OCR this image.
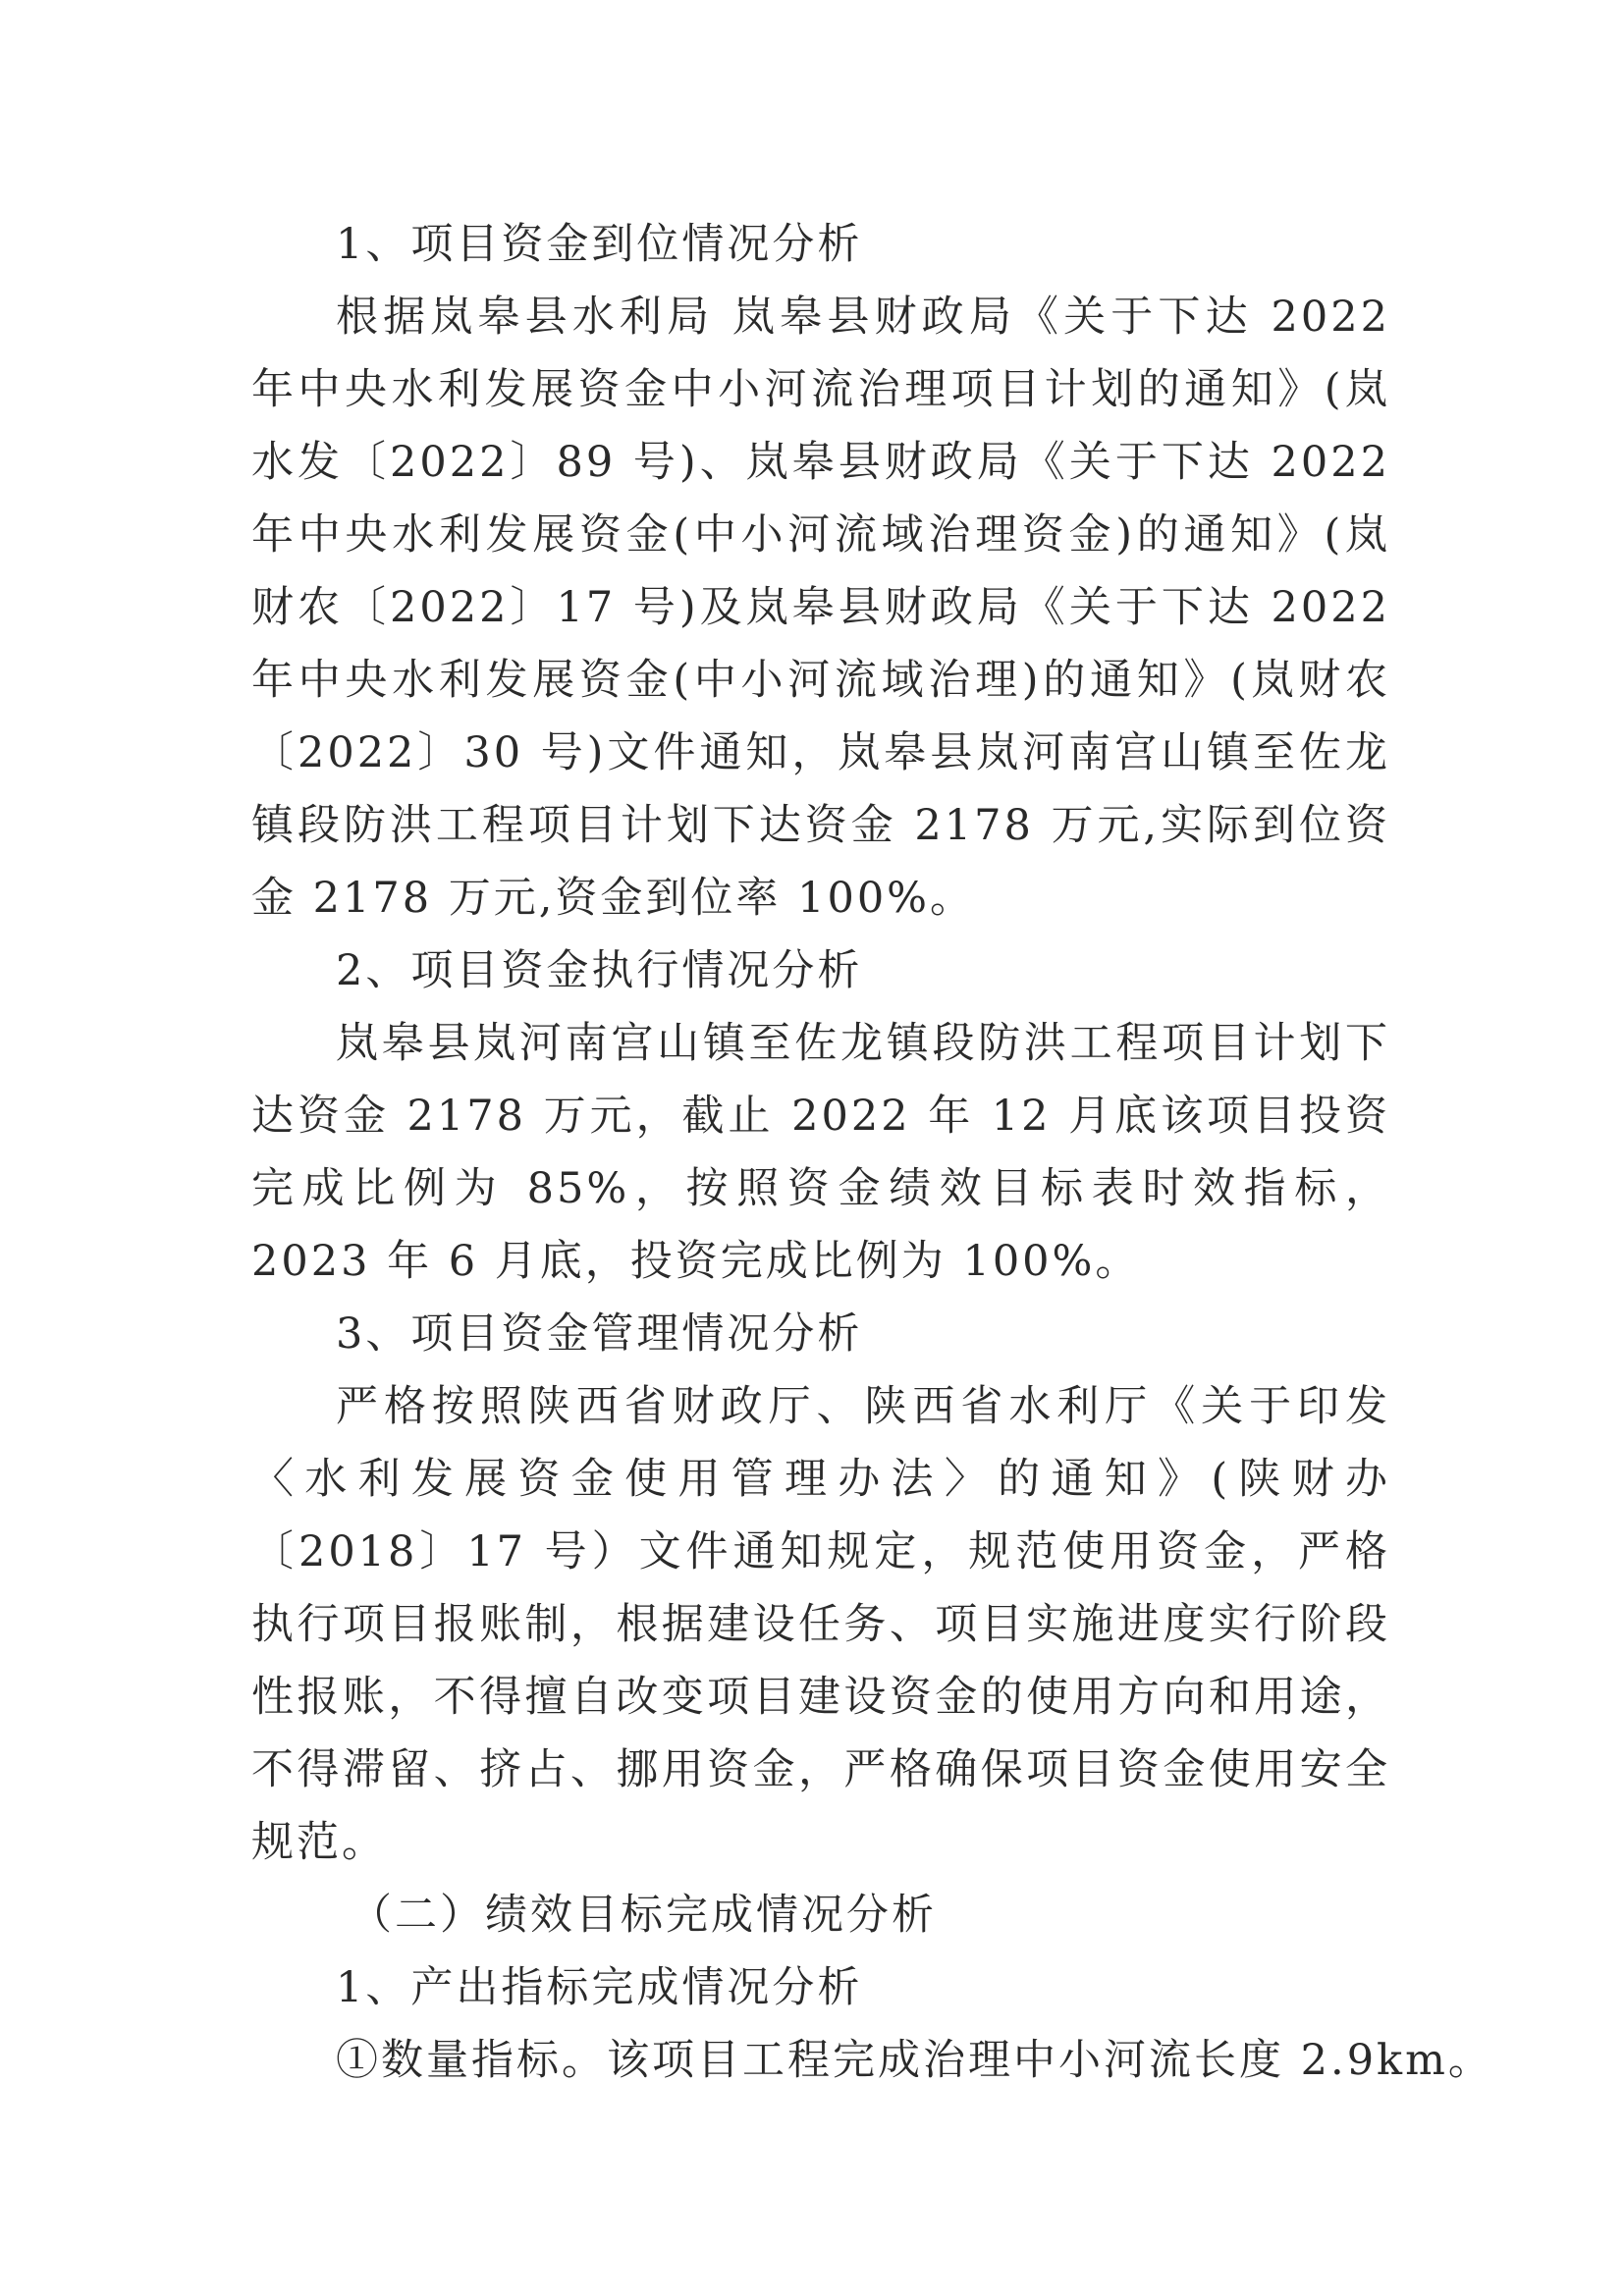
1、项目资金到位情况分析

根据岚皋县水利局 岚皋县财政局《关于下达 2022 年中央水利发展资金中小河流治理项目计划的通知》(岚水发〔2022〕89 号)、岚皋县财政局《关于下达 2022 年中央水利发展资金(中小河流域治理资金)的通知》(岚财农〔2022〕17 号)及岚皋县财政局《关于下达 2022 年中央水利发展资金(中小河流域治理)的通知》(岚财农〔2022〕30 号)文件通知，岚皋县岚河南宫山镇至佐龙镇段防洪工程项目计划下达资金 2178 万元,实际到位资金 2178 万元,资金到位率 100%。

2、项目资金执行情况分析

岚皋县岚河南宫山镇至佐龙镇段防洪工程项目计划下达资金 2178 万元，截止 2022 年 12 月底该项目投资完成比例为 85%，按照资金绩效目标表时效指标，2023 年 6 月底，投资完成比例为 100%。

3、项目资金管理情况分析

严格按照陕西省财政厅、陕西省水利厅《关于印发〈水利发展资金使用管理办法〉的通知》(陕财办〔2018〕17 号）文件通知规定，规范使用资金，严格执行项目报账制，根据建设任务、项目实施进度实行阶段性报账，不得擅自改变项目建设资金的使用方向和用途，不得滞留、挤占、挪用资金，严格确保项目资金使用安全规范。

（二）绩效目标完成情况分析

1、产出指标完成情况分析

①数量指标。该项目工程完成治理中小河流长度 2.9km。
